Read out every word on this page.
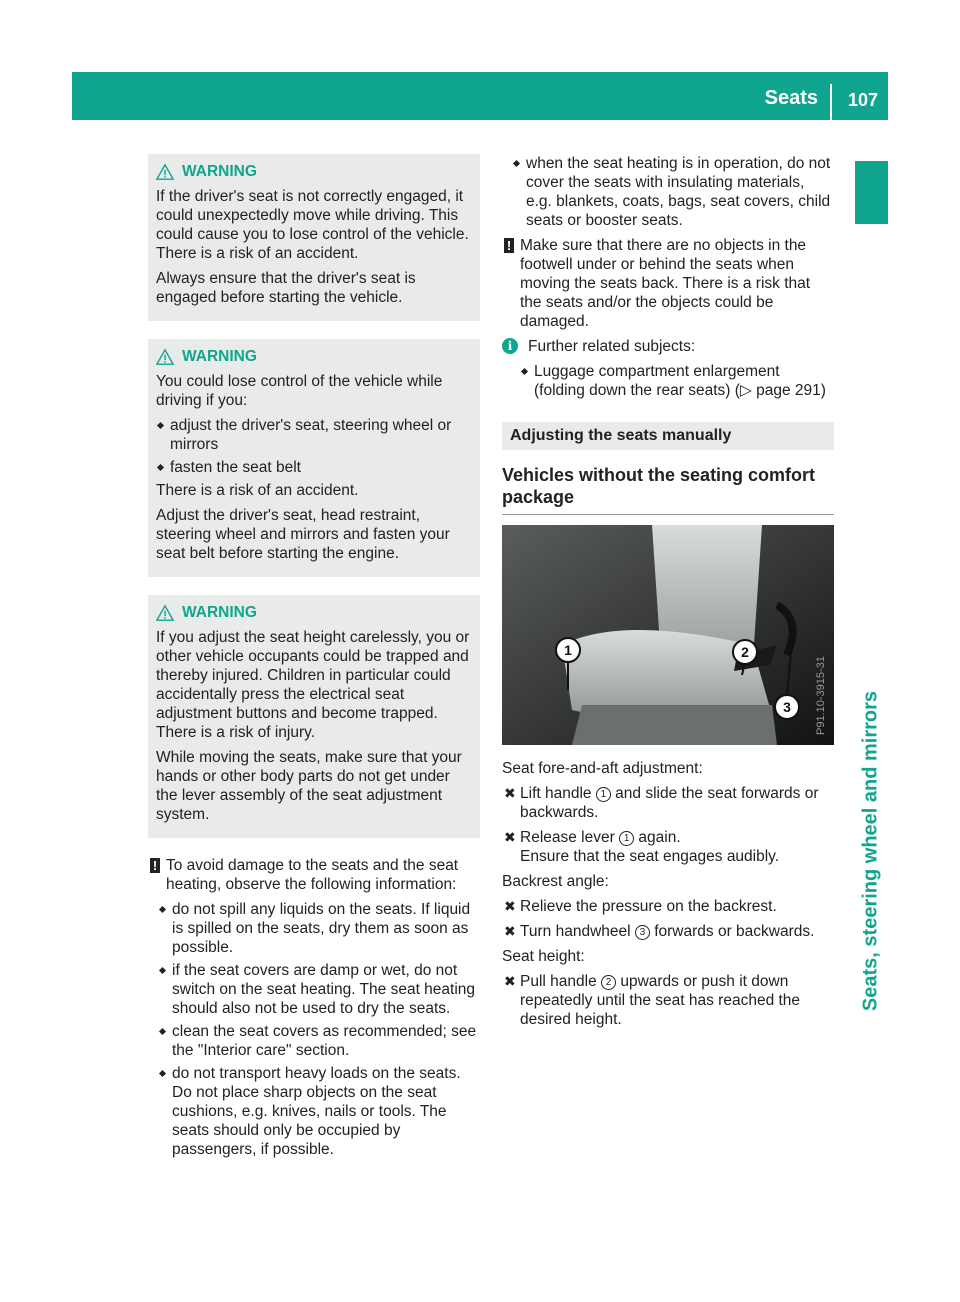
Seats 107
Seats, steering wheel and mirrors
WARNING

If the driver's seat is not correctly engaged, it could unexpectedly move while driving. This could cause you to lose control of the vehicle. There is a risk of an accident.

Always ensure that the driver's seat is engaged before starting the vehicle.

WARNING

You could lose control of the vehicle while driving if you:

adjust the driver's seat, steering wheel or mirrors
fasten the seat belt

There is a risk of an accident.

Adjust the driver's seat, head restraint, steering wheel and mirrors and fasten your seat belt before starting the engine.

WARNING

If you adjust the seat height carelessly, you or other vehicle occupants could be trapped and thereby injured. Children in particular could accidentally press the electrical seat adjustment buttons and become trapped. There is a risk of injury.

While moving the seats, make sure that your hands or other body parts do not get under the lever assembly of the seat adjustment system.

! To avoid damage to the seats and the seat heating, observe the following information:

do not spill any liquids on the seats. If liquid is spilled on the seats, dry them as soon as possible.
if the seat covers are damp or wet, do not switch on the seat heating. The seat heating should also not be used to dry the seats.
clean the seat covers as recommended; see the "Interior care" section.
do not transport heavy loads on the seats. Do not place sharp objects on the seat cushions, e.g. knives, nails or tools. The seats should only be occupied by passengers, if possible.
when the seat heating is in operation, do not cover the seats with insulating materials, e.g. blankets, coats, bags, seat covers, child seats or booster seats.
! Make sure that there are no objects in the footwell under or behind the seats when moving the seats back. There is a risk that the seats and/or the objects could be damaged.

i	Further related subjects:

Luggage compartment enlargement (folding down the rear seats) (▷ page 291)
Adjusting the seats manually
Vehicles without the seating comfort package
1	2
3 P91.10-3915-31

Seat fore-and-aft adjustment:

✖ Lift handle 1 and slide the seat forwards or backwards.
✖ Release lever 1 again.
Ensure that the seat engages audibly.

Backrest angle:

✖ Relieve the pressure on the backrest.
✖ Turn handwheel 3 forwards or backwards.

Seat height:

✖ Pull handle 2 upwards or push it down repeatedly until the seat has reached the desired height.
